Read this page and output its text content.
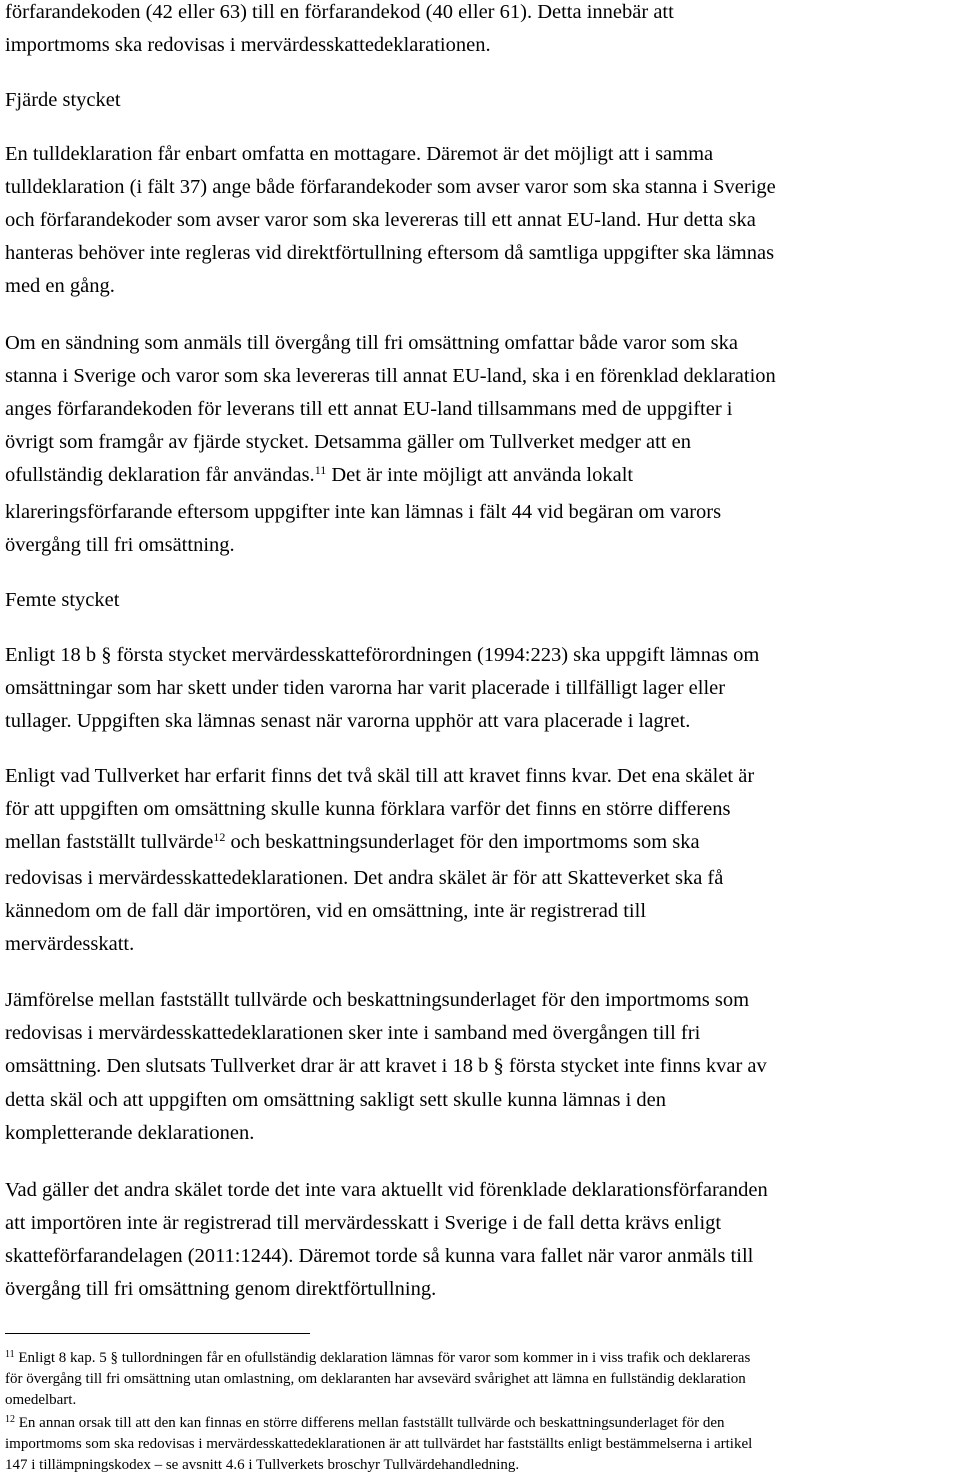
förfarandekoden (42 eller 63) till en förfarandekod (40 eller 61). Detta innebär att
importmoms ska redovisas i mervärdesskattedeklarationen.
Fjärde stycket
En tulldeklaration får enbart omfatta en mottagare. Däremot är det möjligt att i samma
tulldeklaration (i fält 37) ange både förfarandekoder som avser varor som ska stanna i Sverige
och förfarandekoder som avser varor som ska levereras till ett annat EU-land. Hur detta ska
hanteras behöver inte regleras vid direktförtullning eftersom då samtliga uppgifter ska lämnas
med en gång.
Om en sändning som anmäls till övergång till fri omsättning omfattar både varor som ska
stanna i Sverige och varor som ska levereras till annat EU-land, ska i en förenklad deklaration
anges förfarandekoden för leverans till ett annat EU-land tillsammans med de uppgifter i
övrigt som framgår av fjärde stycket. Detsamma gäller om Tullverket medger att en
ofullständig deklaration får användas.$^{11}$ Det är inte möjligt att använda lokalt
klareringsförfarande eftersom uppgifter inte kan lämnas i fält 44 vid begäran om varors
övergång till fri omsättning.
Femte stycket
Enligt 18 b § första stycket mervärdesskatteförordningen (1994:223) ska uppgift lämnas om
omsättningar som har skett under tiden varorna har varit placerade i tillfälligt lager eller
tullager. Uppgiften ska lämnas senast när varorna upphör att vara placerade i lagret.
Enligt vad Tullverket har erfarit finns det två skäl till att kravet finns kvar. Det ena skälet är
för att uppgiften om omsättning skulle kunna förklara varför det finns en större differens
mellan fastställt tullvärde$^{12}$ och beskattningsunderlaget för den importmoms som ska
redovisas i mervärdesskattedeklarationen. Det andra skälet är för att Skatteverket ska få
kännedom om de fall där importören, vid en omsättning, inte är registrerad till
mervärdesskatt.
Jämförelse mellan fastställt tullvärde och beskattningsunderlaget för den importmoms som
redovisas i mervärdesskattedeklarationen sker inte i samband med övergången till fri
omsättning. Den slutsats Tullverket drar är att kravet i 18 b § första stycket inte finns kvar av
detta skäl och att uppgiften om omsättning sakligt sett skulle kunna lämnas i den
kompletterande deklarationen.
Vad gäller det andra skälet torde det inte vara aktuellt vid förenklade deklarationsförfaranden
att importören inte är registrerad till mervärdesskatt i Sverige i de fall detta krävs enligt
skatteförfarandelagen (2011:1244). Däremot torde så kunna vara fallet när varor anmäls till
övergång till fri omsättning genom direktförtullning.
$^{11}$ Enligt 8 kap. 5 § tullordningen får en ofullständig deklaration lämnas för varor som kommer in i viss trafik och deklareras
för övergång till fri omsättning utan omlastning, om deklaranten har avsevärd svårighet att lämna en fullständig deklaration
omedelbart.
$^{12}$ En annan orsak till att den kan finnas en större differens mellan fastställt tullvärde och beskattningsunderlaget för den
importmoms som ska redovisas i mervärdesskattedeklarationen är att tullvärdet har fastställts enligt bestämmelserna i artikel
147 i tillämpningskodex – se avsnitt 4.6 i Tullverkets broschyr Tullvärdehandledning.
